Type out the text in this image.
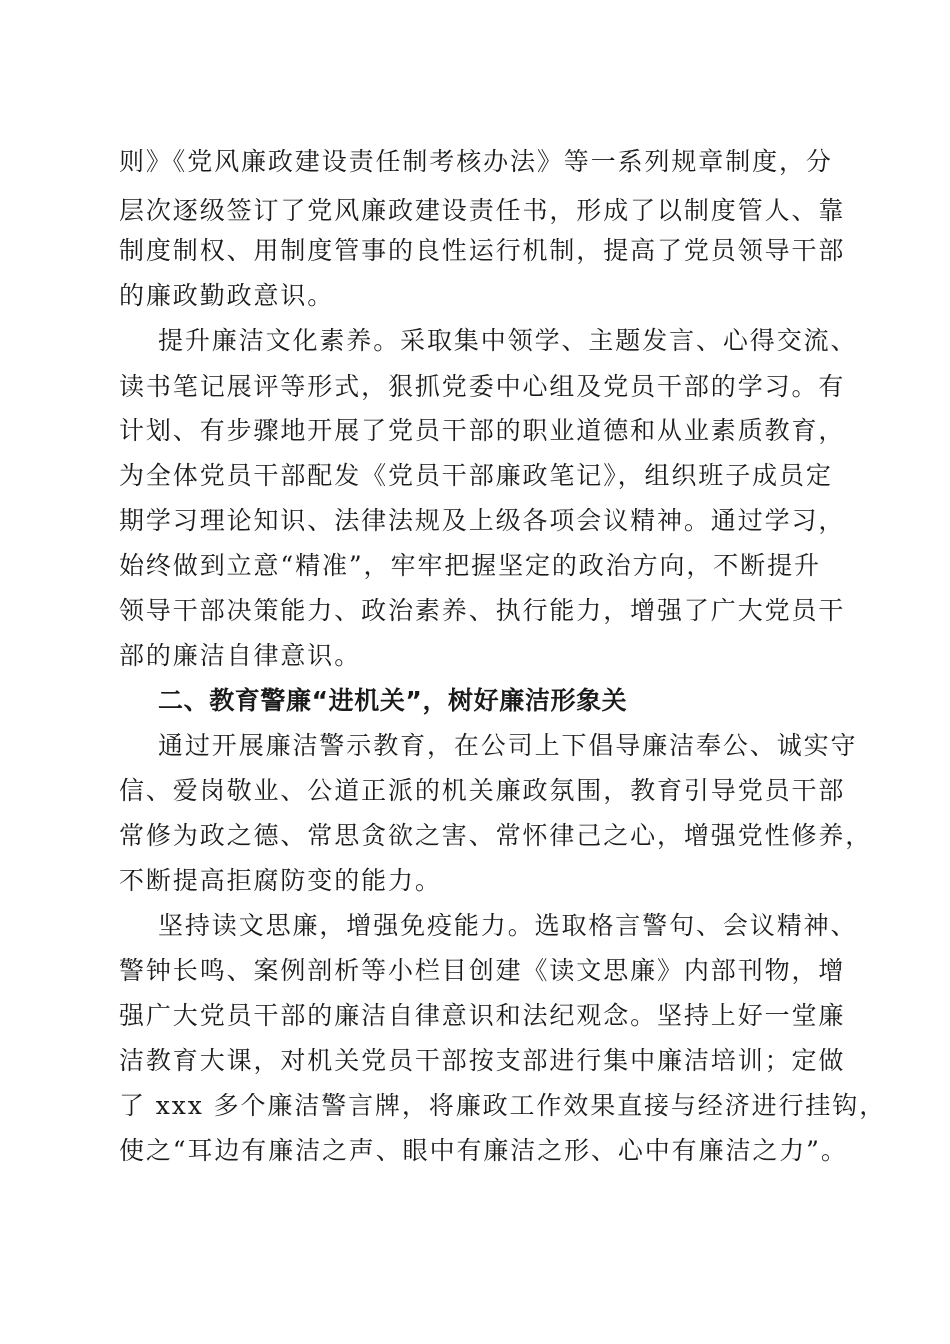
则》《党风廉政建设责任制考核办法》等一系列规章制度，分
层次逐级签订了党风廉政建设责任书，形成了以制度管人、靠
制度制权、用制度管事的良性运行机制，提高了党员领导干部
的廉政勤政意识。
提升廉洁文化素养。采取集中领学、主题发言、心得交流、
读书笔记展评等形式，狠抓党委中心组及党员干部的学习。有
计划、有步骤地开展了党员干部的职业道德和从业素质教育，
为全体党员干部配发《党员干部廉政笔记》，组织班子成员定
期学习理论知识、法律法规及上级各项会议精神。通过学习，
始终做到立意“精准”，牢牢把握坚定的政治方向，不断提升
领导干部决策能力、政治素养、执行能力，增强了广大党员干
部的廉洁自律意识。
二、教育警廉“进机关”，树好廉洁形象关
通过开展廉洁警示教育，在公司上下倡导廉洁奉公、诚实守
信、爱岗敬业、公道正派的机关廉政氛围，教育引导党员干部
常修为政之德、常思贪欲之害、常怀律己之心，增强党性修养，
不断提高拒腐防变的能力。
坚持读文思廉，增强免疫能力。选取格言警句、会议精神、
警钟长鸣、案例剖析等小栏目创建《读文思廉》内部刊物，增
强广大党员干部的廉洁自律意识和法纪观念。坚持上好一堂廉
洁教育大课，对机关党员干部按支部进行集中廉洁培训；定做
了 xxx 多个廉洁警言牌，将廉政工作效果直接与经济进行挂钩，
使之“耳边有廉洁之声、眼中有廉洁之形、心中有廉洁之力”。
